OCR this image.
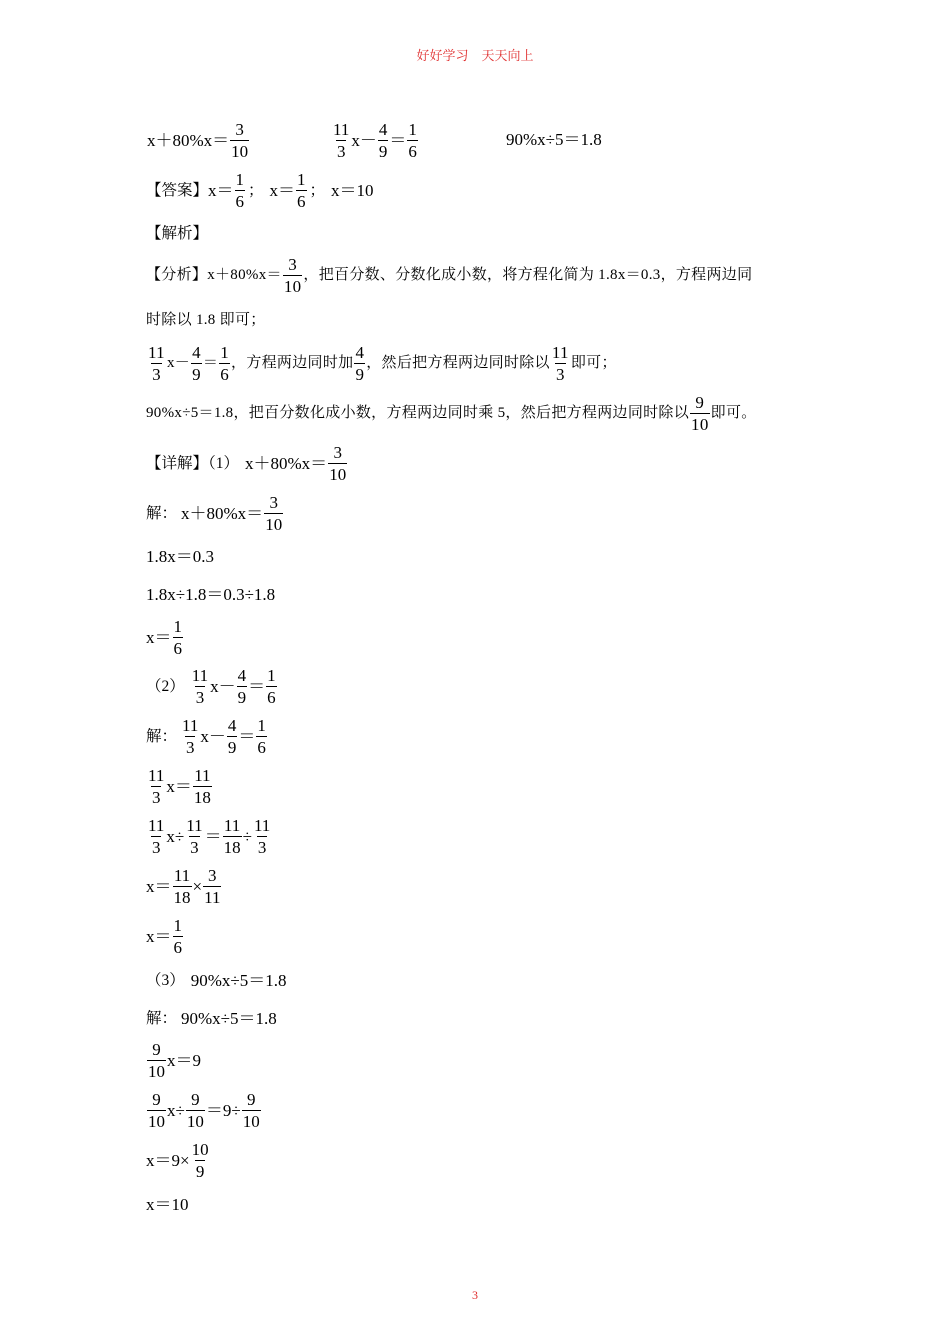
好好学习　天天向上
$x+80\%x= \frac{3}{10}$	$\frac{11}{3} x- \frac{4}{9} = \frac{1}{6}$	90%x÷5＝1.8
【答案】 $x= \frac{1}{6}$ ； $x= \frac{1}{6}$ ； x＝10
【解析】
【分析】 $x+80\%x= \frac{3}{10}$ ，把百分数、分数化成小数，将方程化简为 1.8x＝0.3，方程两边同
时除以 1.8 即可；
$\frac{11}{3} x- \frac{4}{9} = \frac{1}{6}$ ，方程两边同时加 $\frac{4}{9}$ ，然后把方程两边同时除以 $\frac{11}{3}$ 即可；
90%x÷5＝1.8，把百分数化成小数，方程两边同时乘 5，然后把方程两边同时除以 $\frac{9}{10}$ 即可。
【详解】（1） $x+80\%x= \frac{3}{10}$
解： $x+80\%x= \frac{3}{10}$
1.8x＝0.3
1.8x÷1.8＝0.3÷1.8
$x= \frac{1}{6}$
$(2) \frac{11}{3} x- \frac{4}{9} = \frac{1}{6}$
解： $\frac{11}{3} x- \frac{4}{9} = \frac{1}{6}$
$\frac{11}{3} x= \frac{11}{18}$
$\frac{11}{3} x\div \frac{11}{3} = \frac{11}{18} \div \frac{11}{3}$
$x= \frac{11}{18} \times \frac{3}{11}$
$x= \frac{1}{6}$
（3） 90%x÷5＝1.8
解： 90%x÷5＝1.8
$\frac{9}{10} x=9$
$\frac{9}{10} x\div \frac{9}{10} =9\div \frac{9}{10}$
$x=9\times \frac{10}{9}$
x＝10
3
